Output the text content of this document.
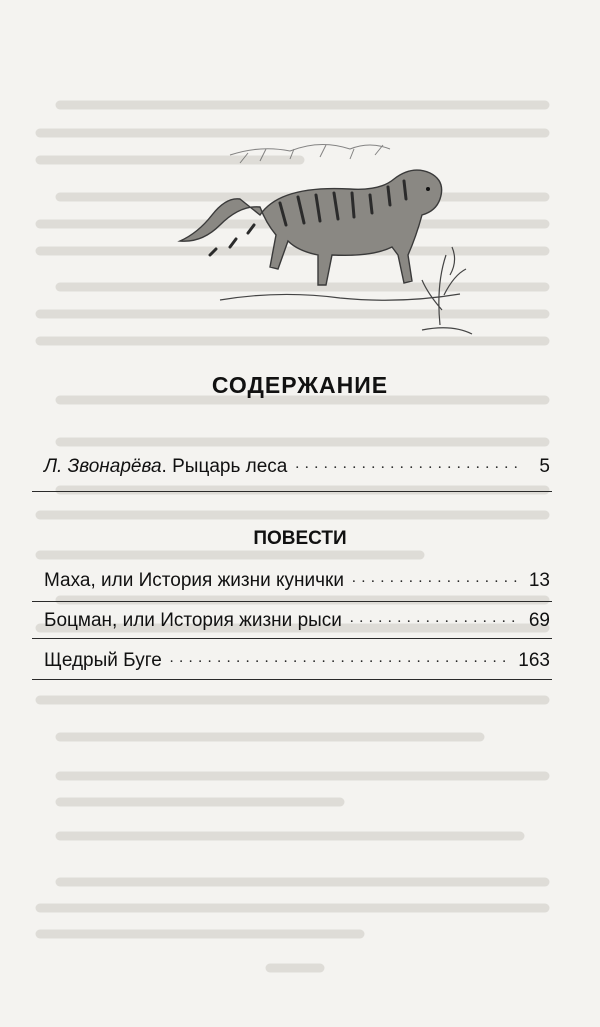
СОДЕРЖАНИЕ
Л. Звонарёва. Рыцарь леса . . .	5
ПОВЕСТИ
Маха, или История жизни кунички . . .	13
Боцман, или История жизни рыси . . .	69
Щедрый Буге . . .	163
